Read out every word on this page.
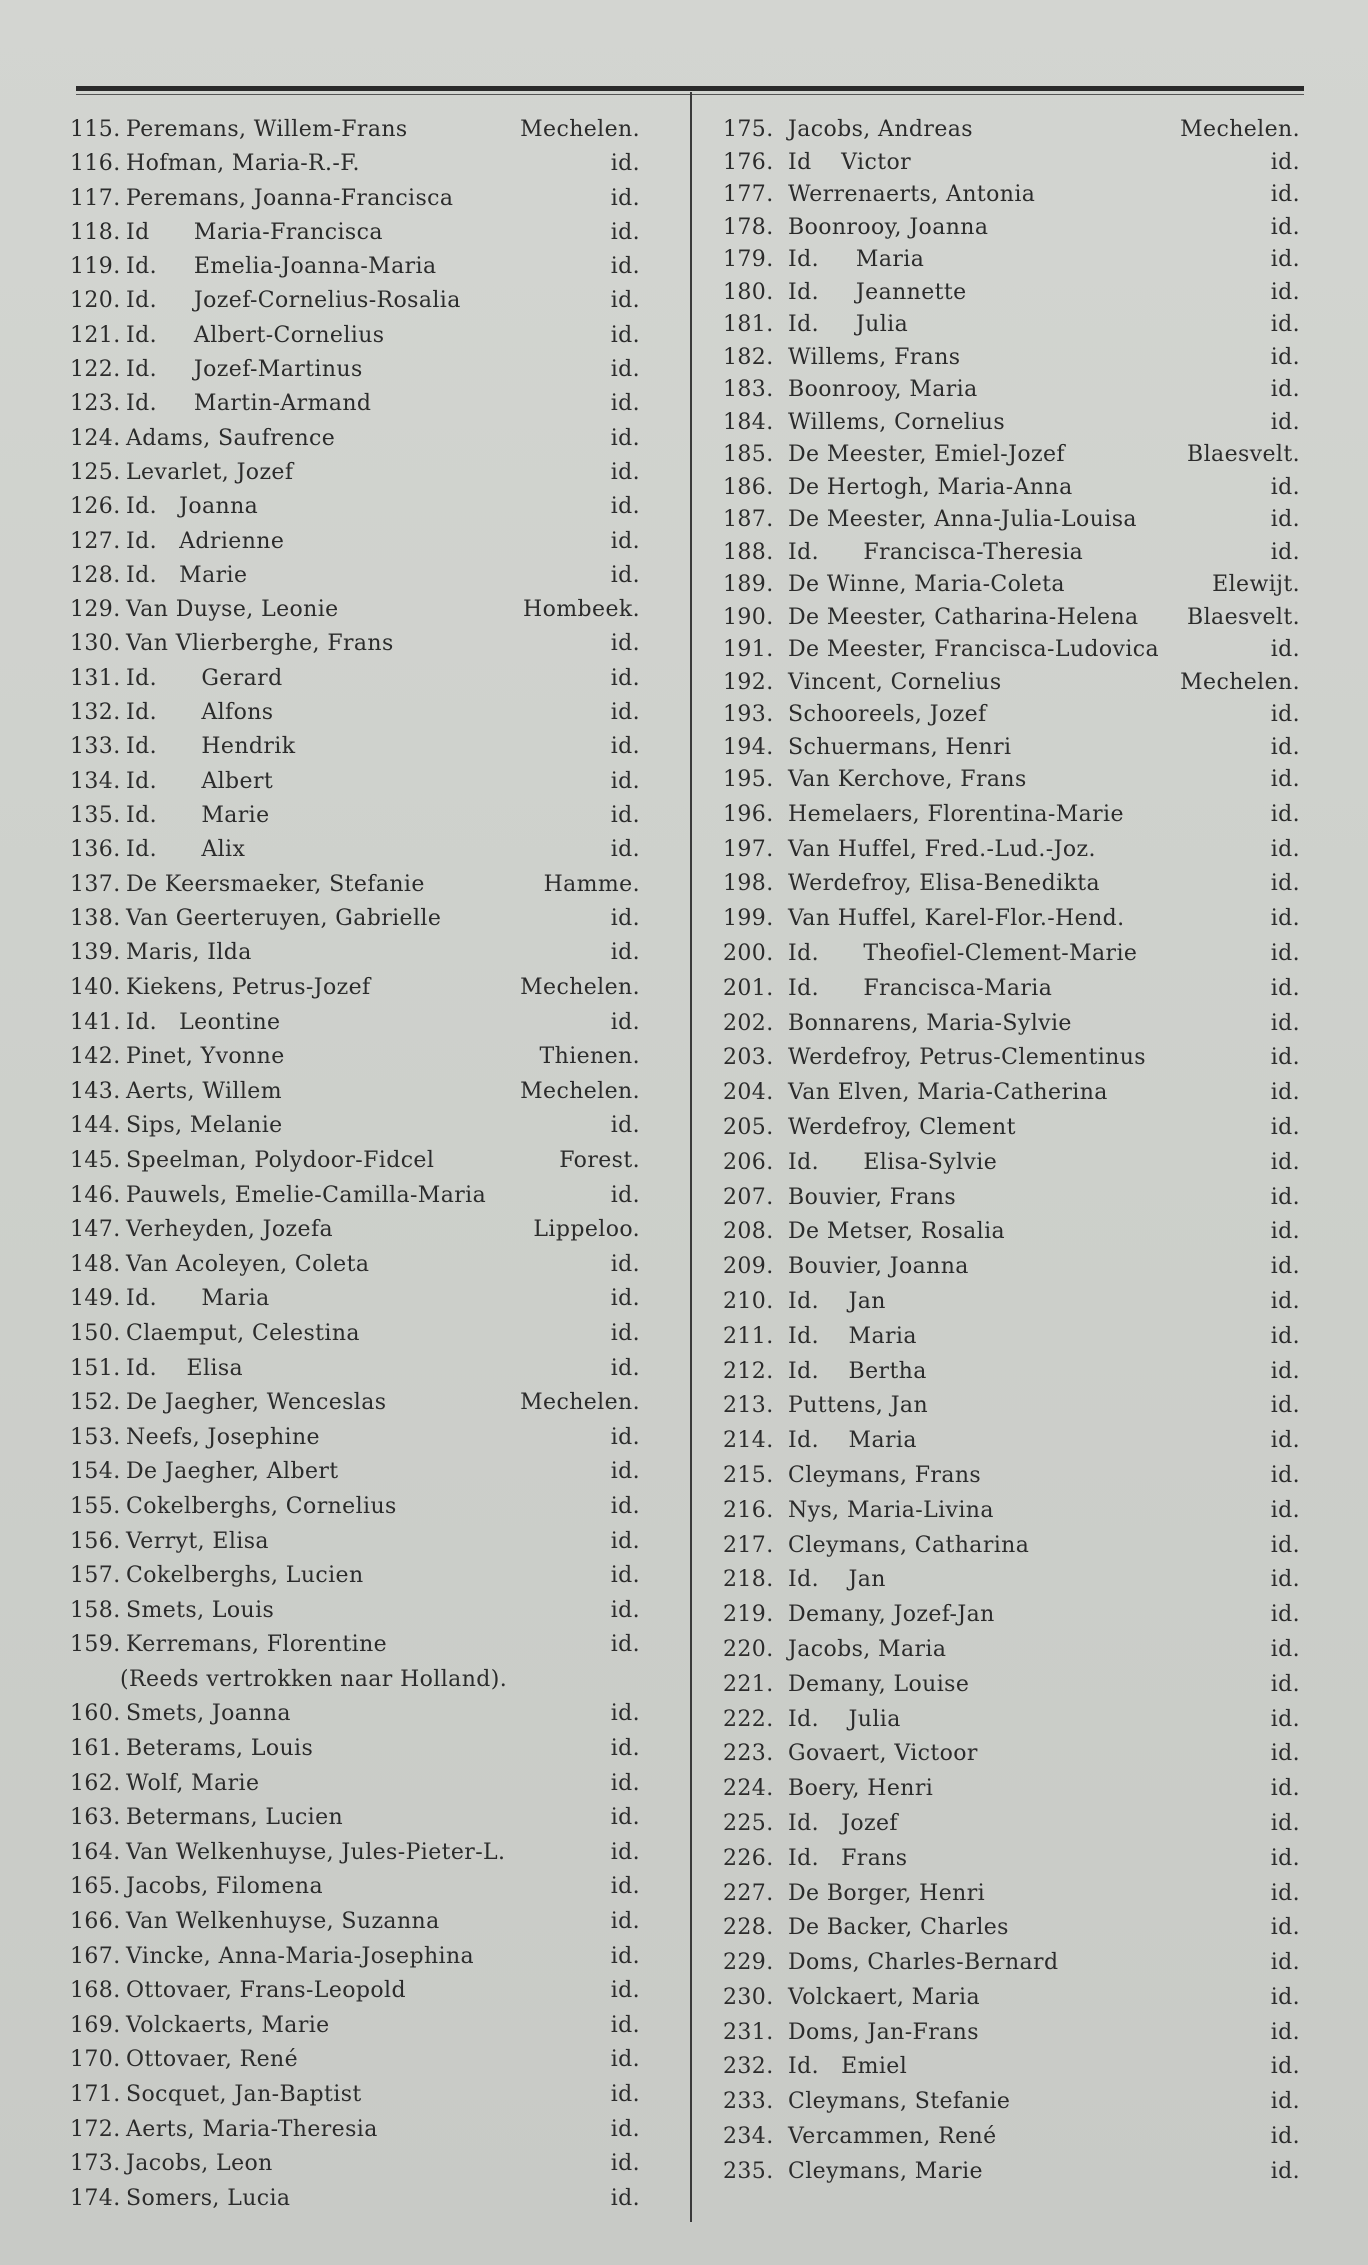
115. Peremans, Willem-Frans	Mechelen.
116. Hofman, Maria-R.-F.	id.
117. Peremans, Joanna-Francisca	id.
118. Id      Maria-Francisca	id.
119. Id.     Emelia-Joanna-Maria	id.
120. Id.     Jozef-Cornelius-Rosalia	id.
121. Id.     Albert-Cornelius	id.
122. Id.     Jozef-Martinus	id.
123. Id.     Martin-Armand	id.
124. Adams, Saufrence	id.
125. Levarlet, Jozef	id.
126. Id.   Joanna	id.
127. Id.   Adrienne	id.
128. Id.   Marie	id.
129. Van Duyse, Leonie	Hombeek.
130. Van Vlierberghe, Frans	id.
131. Id.      Gerard	id.
132. Id.      Alfons	id.
133. Id.      Hendrik	id.
134. Id.      Albert	id.
135. Id.      Marie	id.
136. Id.      Alix	id.
137. De Keersmaeker, Stefanie	Hamme.
138. Van Geerteruyen, Gabrielle	id.
139. Maris, Ilda	id.
140. Kiekens, Petrus-Jozef	Mechelen.
141. Id.   Leontine	id.
142. Pinet, Yvonne	Thienen.
143. Aerts, Willem	Mechelen.
144. Sips, Melanie	id.
145. Speelman, Polydoor-Fidcel	Forest.
146. Pauwels, Emelie-Camilla-Maria	id.
147. Verheyden, Jozefa	Lippeloo.
148. Van Acoleyen, Coleta	id.
149. Id.      Maria	id.
150. Claemput, Celestina	id.
151. Id.    Elisa	id.
152. De Jaegher, Wenceslas	Mechelen.
153. Neefs, Josephine	id.
154. De Jaegher, Albert	id.
155. Cokelberghs, Cornelius	id.
156. Verryt, Elisa	id.
157. Cokelberghs, Lucien	id.
158. Smets, Louis	id.
159. Kerremans, Florentine	id.
(Reeds vertrokken naar Holland).
160. Smets, Joanna	id.
161. Beterams, Louis	id.
162. Wolf, Marie	id.
163. Betermans, Lucien	id.
164. Van Welkenhuyse, Jules-Pieter-L.	id.
165. Jacobs, Filomena	id.
166. Van Welkenhuyse, Suzanna	id.
167. Vincke, Anna-Maria-Josephina	id.
168. Ottovaer, Frans-Leopold	id.
169. Volckaerts, Marie	id.
170. Ottovaer, René	id.
171. Socquet, Jan-Baptist	id.
172. Aerts, Maria-Theresia	id.
173. Jacobs, Leon	id.
174. Somers, Lucia	id.
175. Jacobs, Andreas	Mechelen.
176. Id    Victor	id.
177. Werrenaerts, Antonia	id.
178. Boonrooy, Joanna	id.
179. Id.     Maria	id.
180. Id.     Jeannette	id.
181. Id.     Julia	id.
182. Willems, Frans	id.
183. Boonrooy, Maria	id.
184. Willems, Cornelius	id.
185. De Meester, Emiel-Jozef	Blaesvelt.
186. De Hertogh, Maria-Anna	id.
187. De Meester, Anna-Julia-Louisa	id.
188. Id.      Francisca-Theresia	id.
189. De Winne, Maria-Coleta	Elewijt.
190. De Meester, Catharina-Helena Blaesvelt.
191. De Meester, Francisca-Ludovica	id.
192. Vincent, Cornelius	Mechelen.
193. Schooreels, Jozef	id.
194. Schuermans, Henri	id.
195. Van Kerchove, Frans	id.
196. Hemelaers, Florentina-Marie	id.
197. Van Huffel, Fred.-Lud.-Joz.	id.
198. Werdefroy, Elisa-Benedikta	id.
199. Van Huffel, Karel-Flor.-Hend.	id.
200. Id.      Theofiel-Clement-Marie	id.
201. Id.      Francisca-Maria	id.
202. Bonnarens, Maria-Sylvie	id.
203. Werdefroy, Petrus-Clementinus	id.
204. Van Elven, Maria-Catherina	id.
205. Werdefroy, Clement	id.
206. Id.      Elisa-Sylvie	id.
207. Bouvier, Frans	id.
208. De Metser, Rosalia	id.
209. Bouvier, Joanna	id.
210. Id.    Jan	id.
211. Id.    Maria	id.
212. Id.    Bertha	id.
213. Puttens, Jan	id.
214. Id.    Maria	id.
215. Cleymans, Frans	id.
216. Nys, Maria-Livina	id.
217. Cleymans, Catharina	id.
218. Id.    Jan	id.
219. Demany, Jozef-Jan	id.
220. Jacobs, Maria	id.
221. Demany, Louise	id.
222. Id.    Julia	id.
223. Govaert, Victoor	id.
224. Boery, Henri	id.
225. Id.   Jozef	id.
226. Id.   Frans	id.
227. De Borger, Henri	id.
228. De Backer, Charles	id.
229. Doms, Charles-Bernard	id.
230. Volckaert, Maria	id.
231. Doms, Jan-Frans	id.
232. Id.   Emiel	id.
233. Cleymans, Stefanie	id.
234. Vercammen, René	id.
235. Cleymans, Marie	id.
